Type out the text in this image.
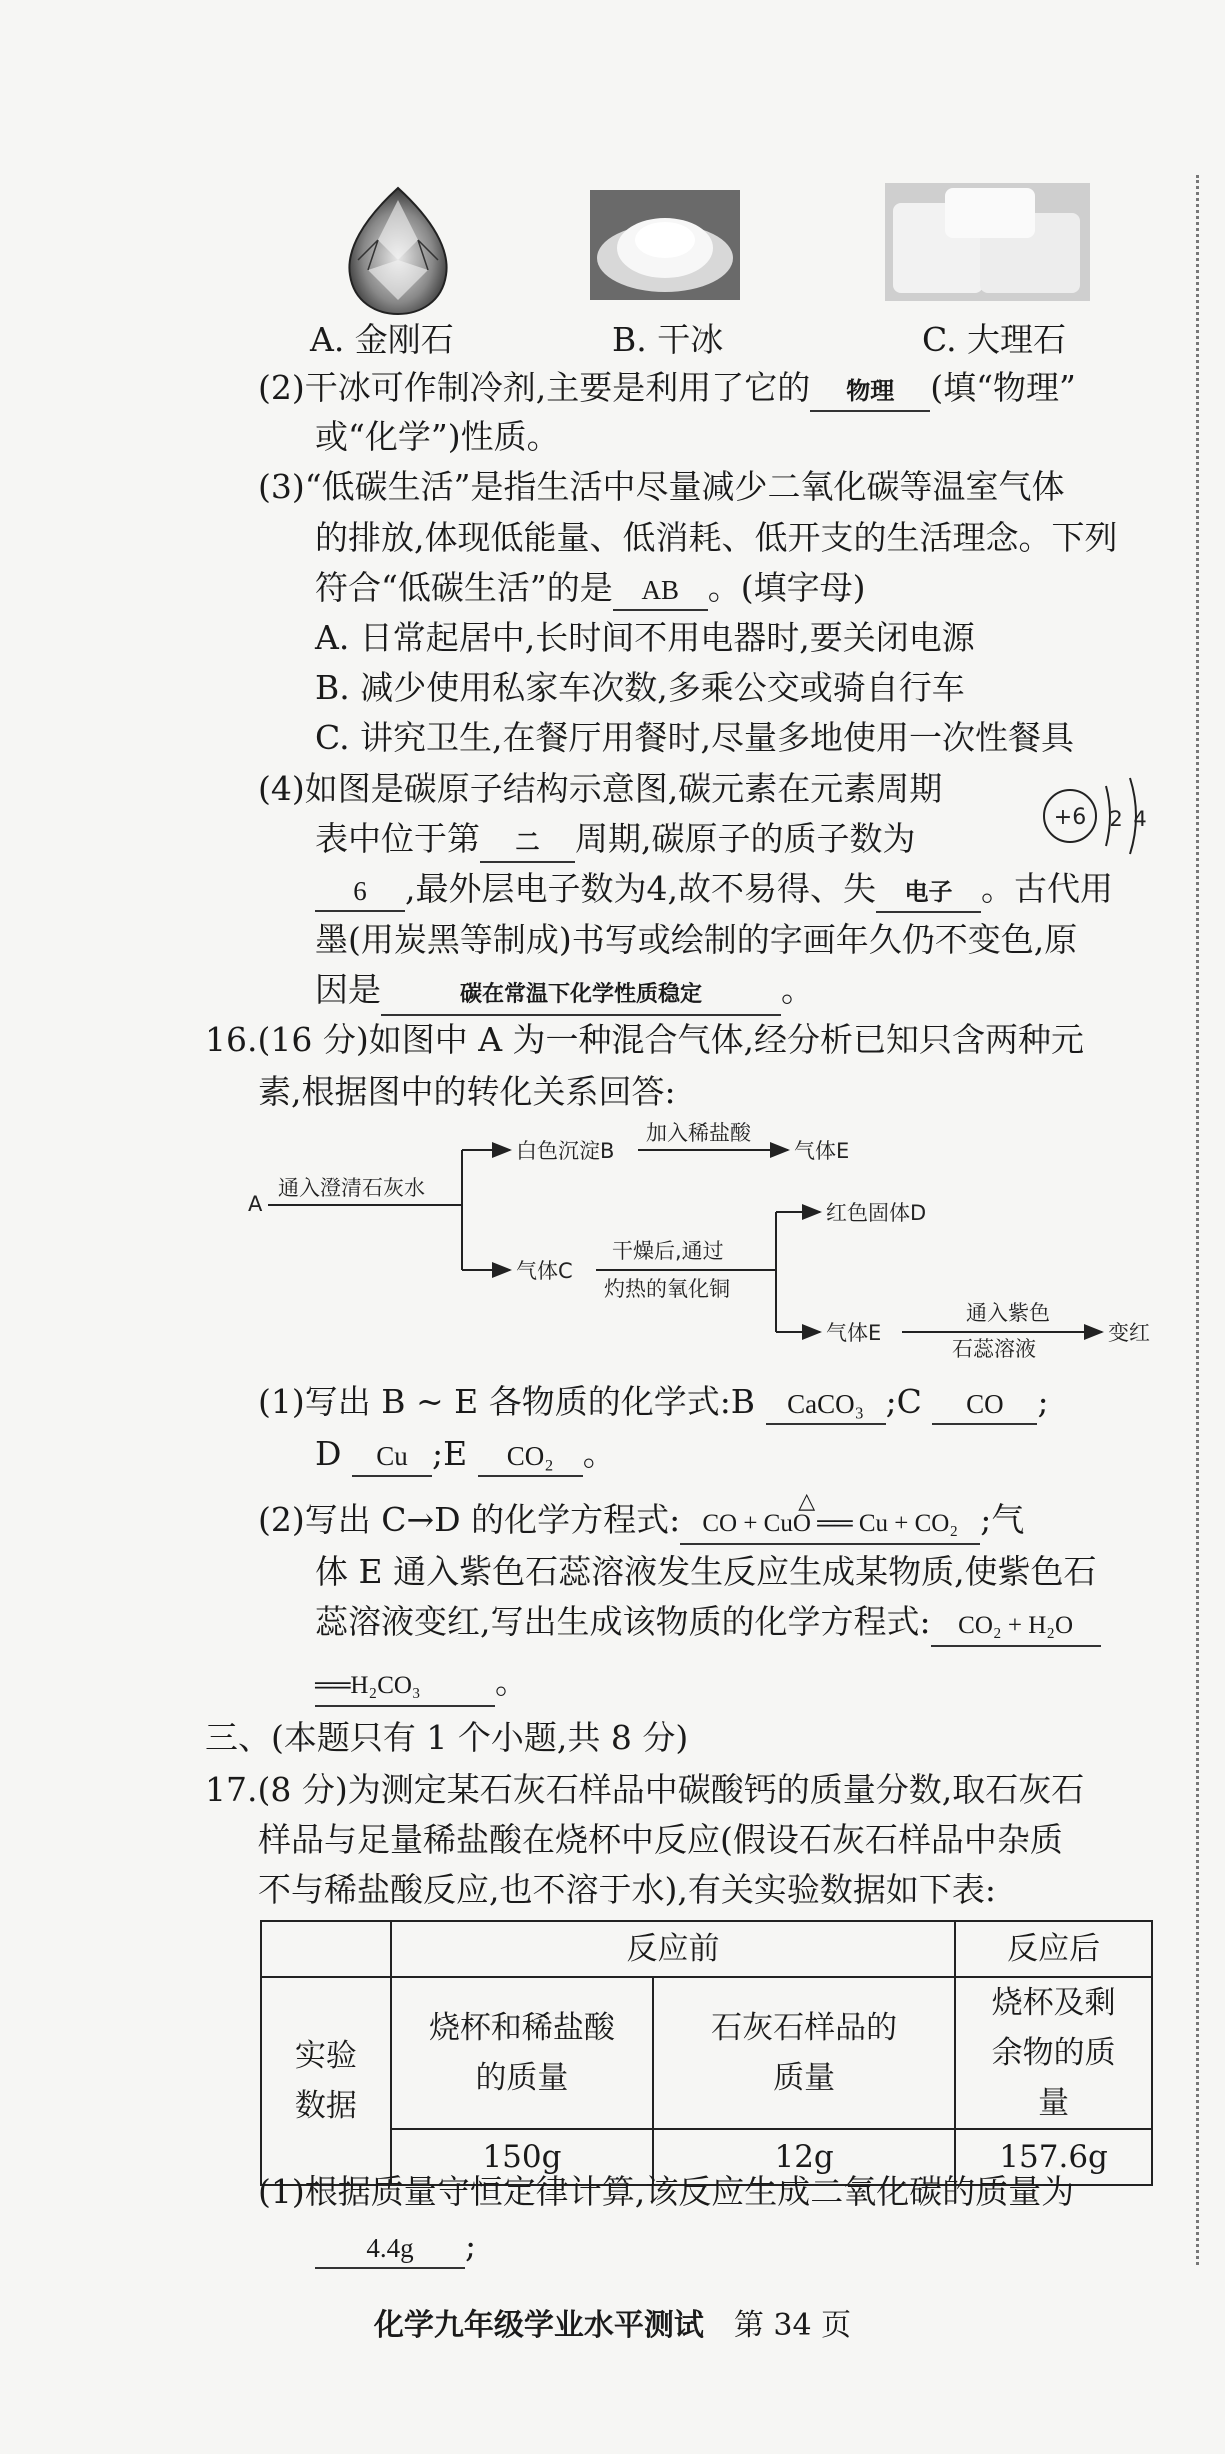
A. 金刚石	B. 干冰	C. 大理石
(2)干冰可作制冷剂,主要是利用了它的 物理 (填“物理”
或“化学”)性质。
(3)“低碳生活”是指生活中尽量减少二氧化碳等温室气体
的排放,体现低能量、低消耗、低开支的生活理念。下列
符合“低碳生活”的是 AB 。(填字母)
A. 日常起居中,长时间不用电器时,要关闭电源
B. 减少使用私家车次数,多乘公交或骑自行车
C. 讲究卫生,在餐厅用餐时,尽量多地使用一次性餐具
(4)如图是碳原子结构示意图,碳元素在元素周期
表中位于第 二 周期,碳原子的质子数为
+6 2 4
6 ,最外层电子数为4,故不易得、失 电子 。古代用
墨(用炭黑等制成)书写或绘制的字画年久仍不变色,原
因是	碳在常温下化学性质稳定 。
16.(16 分)如图中 A 为一种混合气体,经分析已知只含两种元
素,根据图中的转化关系回答:
A
通入澄清石灰水
白色沉淀B
加入稀盐酸
气体E
气体C
干燥后,通过
灼热的氧化铜
红色固体D
气体E
通入紫色
石蕊溶液
变红
(1)写出 B ~ E 各物质的化学式:B CaCO₃ ;C CO ;
D Cu ;E CO₂ 。
(2)写出 C→D 的化学方程式:	△
CO + CuO ══ Cu + CO₂ ;气
体 E 通入紫色石蕊溶液发生反应生成某物质,使紫色石
蕊溶液变红,写出生成该物质的化学方程式: CO₂ + H₂O
══H₂CO₃ 。
三、(本题只有 1 个小题,共 8 分)
17.(8 分)为测定某石灰石样品中碳酸钙的质量分数,取石灰石
样品与足量稀盐酸在烧杯中反应(假设石灰石样品中杂质
不与稀盐酸反应,也不溶于水),有关实验数据如下表:
	反应前		反应后
实验数据	烧杯和稀盐酸的质量	石灰石样品的质量	烧杯及剩余物的质量
	150g	12g	157.6g
(1)根据质量守恒定律计算,该反应生成二氧化碳的质量为
4.4g ;
化学九年级学业水平测试 第 34 页
